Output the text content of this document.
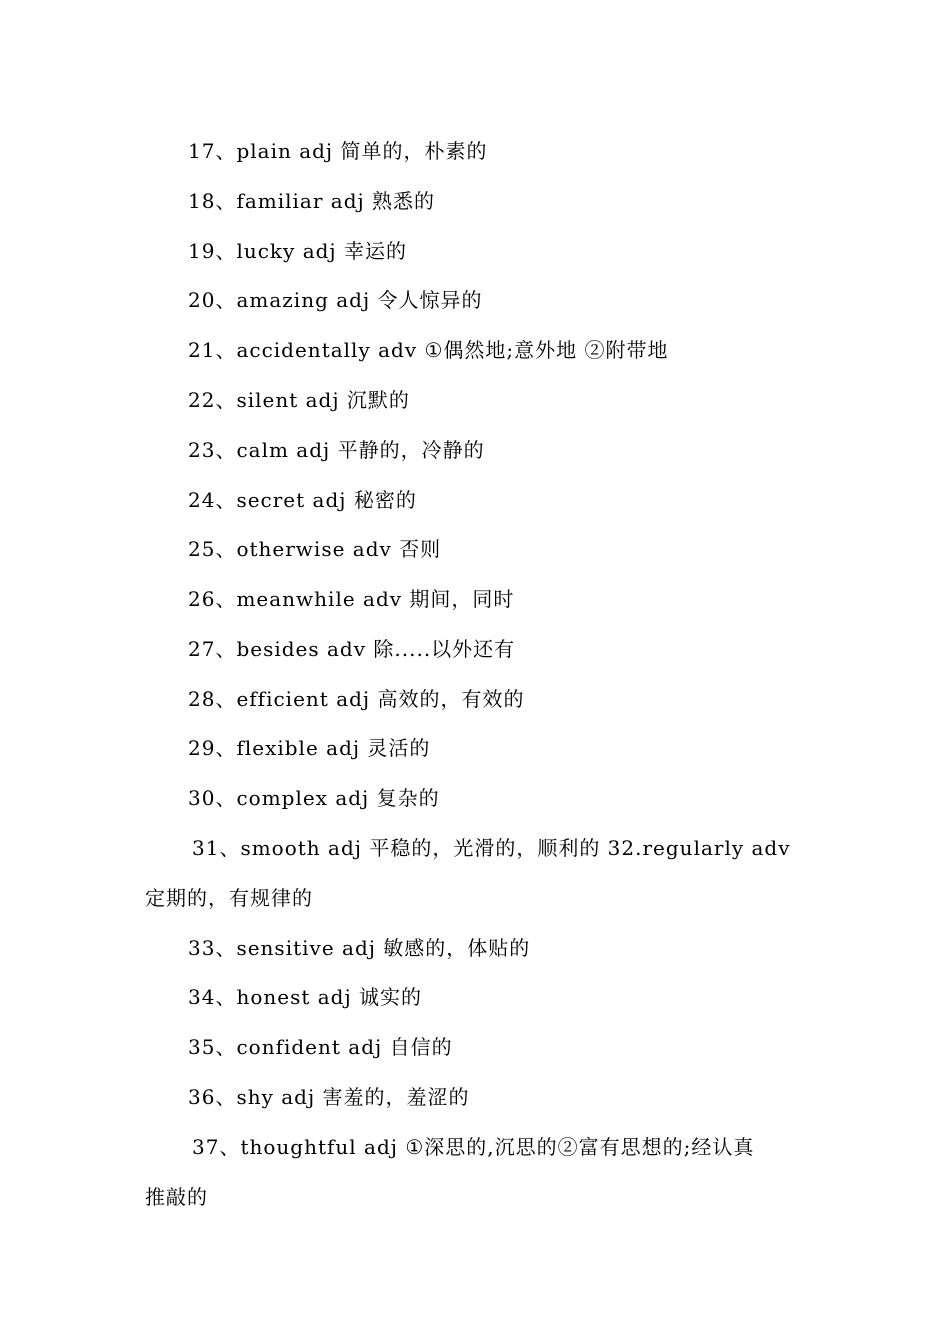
17、plain adj 简单的，朴素的
18、familiar adj 熟悉的
19、lucky adj 幸运的
20、amazing adj 令人惊异的
21、accidentally adv ①偶然地;意外地 ②附带地
22、silent adj 沉默的
23、calm adj 平静的，冷静的
24、secret adj 秘密的
25、otherwise adv 否则
26、meanwhile adv 期间，同时
27、besides adv 除.....以外还有
28、efficient adj 高效的，有效的
29、flexible adj 灵活的
30、complex adj 复杂的
31、smooth adj 平稳的，光滑的，顺利的 32.regularly adv
定期的，有规律的
33、sensitive adj 敏感的，体贴的
34、honest adj 诚实的
35、confident adj 自信的
36、shy adj 害羞的，羞涩的
37、thoughtful adj ①深思的,沉思的②富有思想的;经认真
推敲的
